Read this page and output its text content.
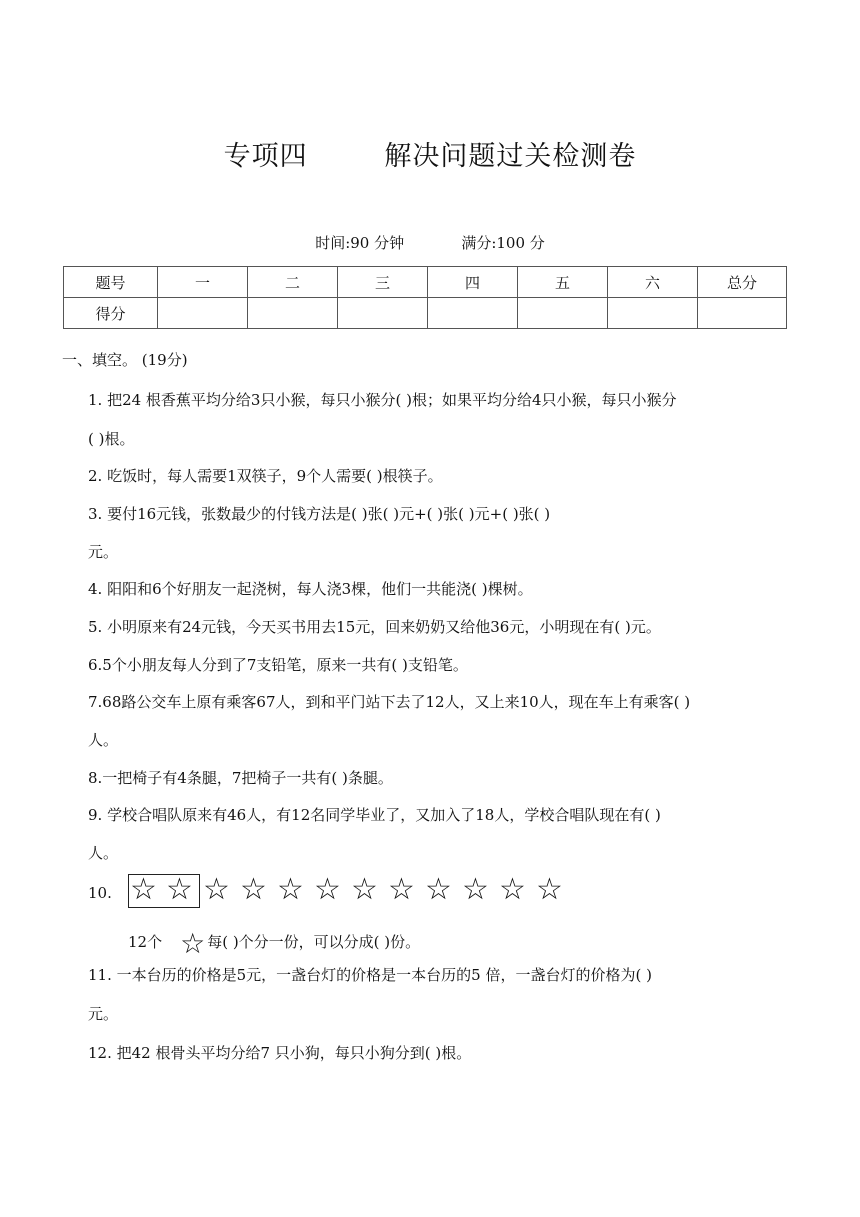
专项四        解决问题过关检测卷
时间:90 分钟            满分:100 分
题号	一	二	三	四	五	六	总分
得分							
一、填空。 (19分)
1. 把24 根香蕉平均分给3只小猴，每只小猴分( )根；如果平均分给4只小猴，每只小猴分
( )根。
2. 吃饭时，每人需要1双筷子，9个人需要( )根筷子。
3. 要付16元钱，张数最少的付钱方法是( )张( )元+( )张( )元+( )张( )
元。
4. 阳阳和6个好朋友一起浇树，每人浇3棵，他们一共能浇( )棵树。
5. 小明原来有24元钱，今天买书用去15元，回来奶奶又给他36元，小明现在有( )元。
6.5个小朋友每人分到了7支铅笔，原来一共有( )支铅笔。
7.68路公交车上原有乘客67人，到和平门站下去了12人，又上来10人，现在车上有乘客( )
人。
8.一把椅子有4条腿，7把椅子一共有( )条腿。
9. 学校合唱队原来有46人，有12名同学毕业了，又加入了18人，学校合唱队现在有( )
人。
10. ☆ ☆ ☆ ☆ ☆ ☆ ☆ ☆ ☆ ☆ ☆ ☆
12个 ☆ 每( )个分一份，可以分成( )份。
11. 一本台历的价格是5元，一盏台灯的价格是一本台历的5 倍，一盏台灯的价格为( )
元。
12. 把42 根骨头平均分给7 只小狗，每只小狗分到( )根。
